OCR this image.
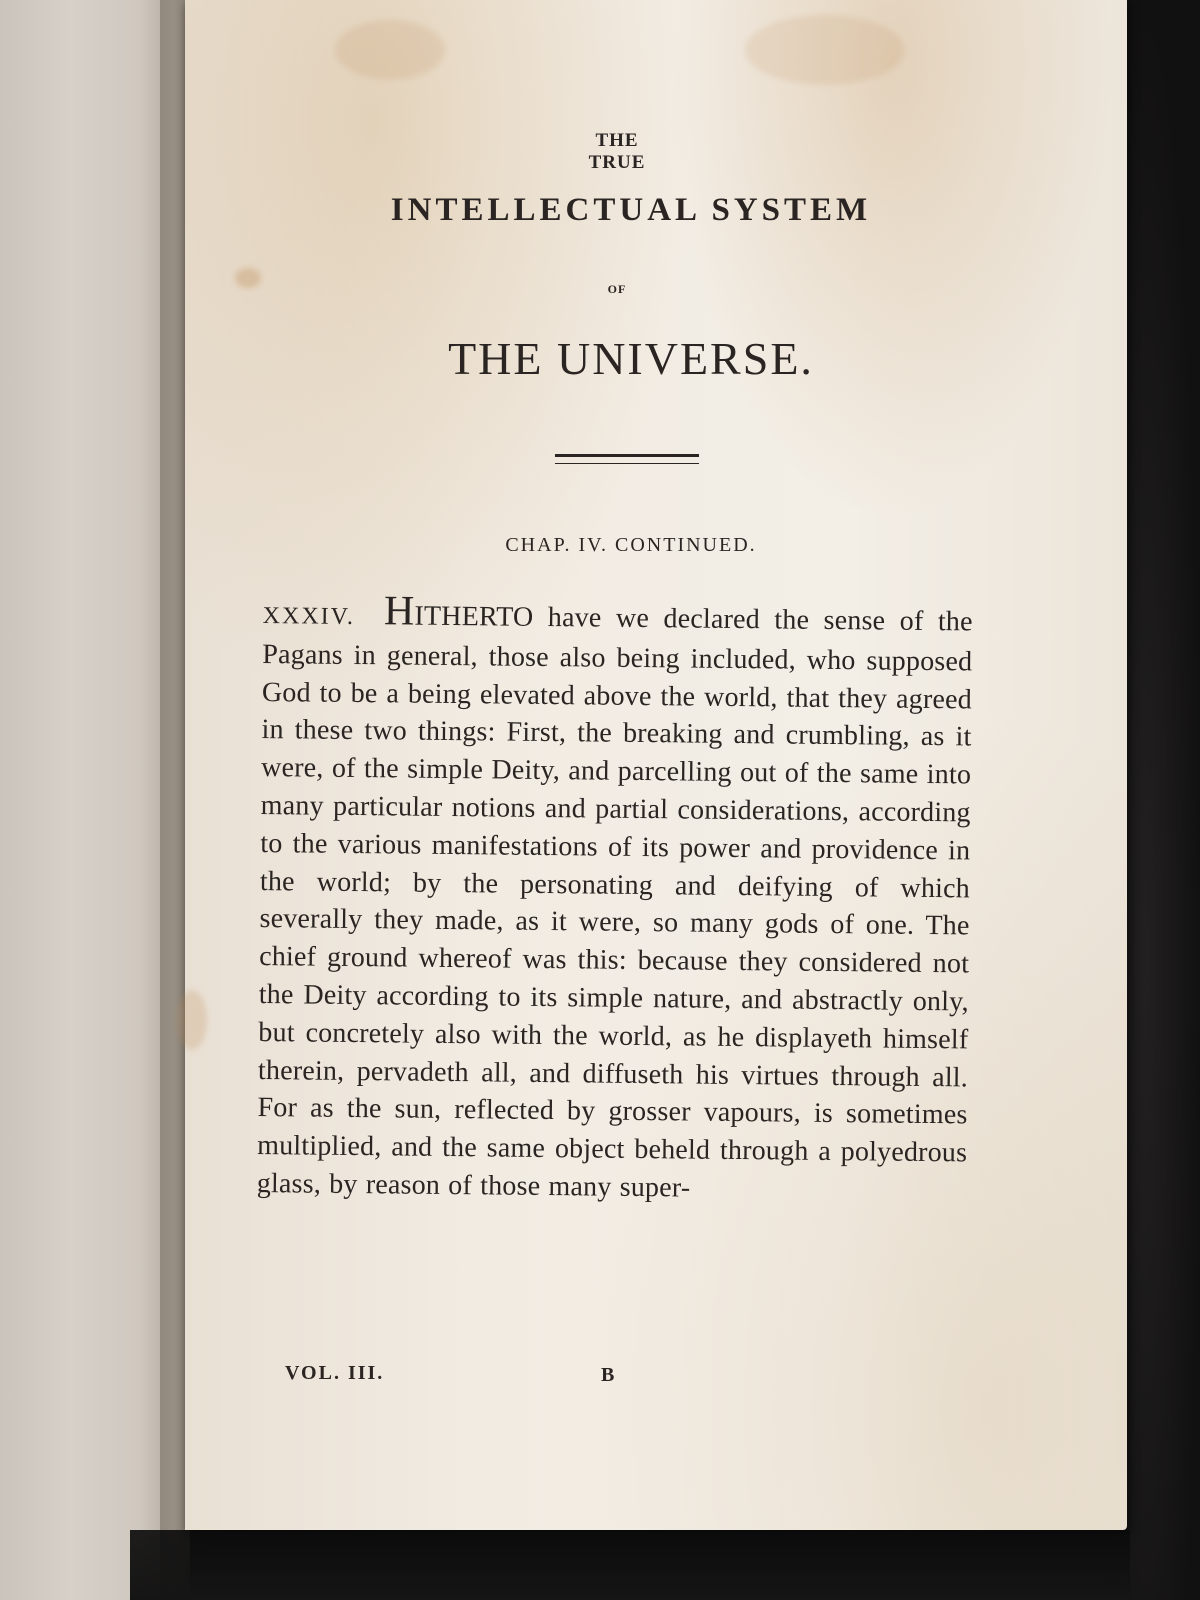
THE TRUE
INTELLECTUAL SYSTEM
OF
THE UNIVERSE.
CHAP. IV. CONTINUED.
XXXIV. HITHERTO have we declared the sense of the Pagans in general, those also being included, who supposed God to be a being elevated above the world, that they agreed in these two things: First, the breaking and crumbling, as it were, of the simple Deity, and parcelling out of the same into many particular notions and partial considerations, according to the various manifestations of its power and providence in the world; by the personating and deifying of which severally they made, as it were, so many gods of one. The chief ground whereof was this: because they considered not the Deity according to its simple nature, and abstractly only, but concretely also with the world, as he displayeth himself therein, pervadeth all, and diffuseth his virtues through all. For as the sun, reflected by grosser vapours, is sometimes multiplied, and the same object beheld through a polyedrous glass, by reason of those many super-
VOL. III.	B
